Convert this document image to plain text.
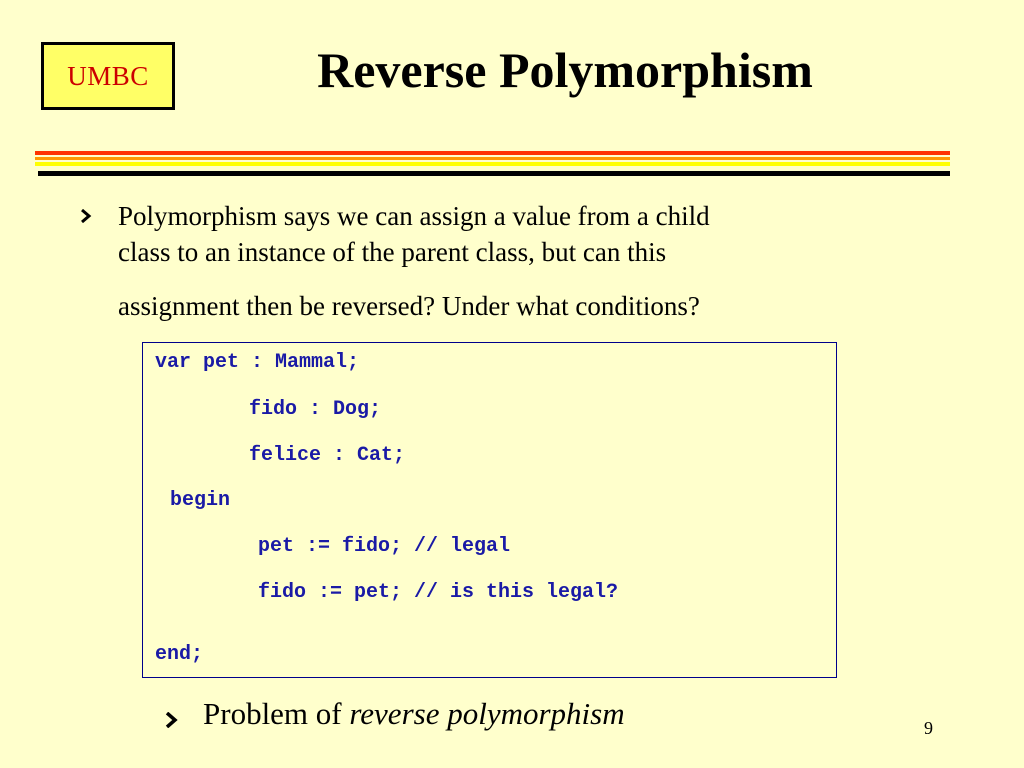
UMBC	Reverse Polymorphism
Polymorphism says we can assign a value from a child
class to an instance of the parent class, but can this
assignment then be reversed? Under what conditions?
var pet : Mammal;
fido : Dog;
felice : Cat;
begin
pet := fido; // legal
fido := pet; // is this legal?
end;
Problem of reverse polymorphism	9
